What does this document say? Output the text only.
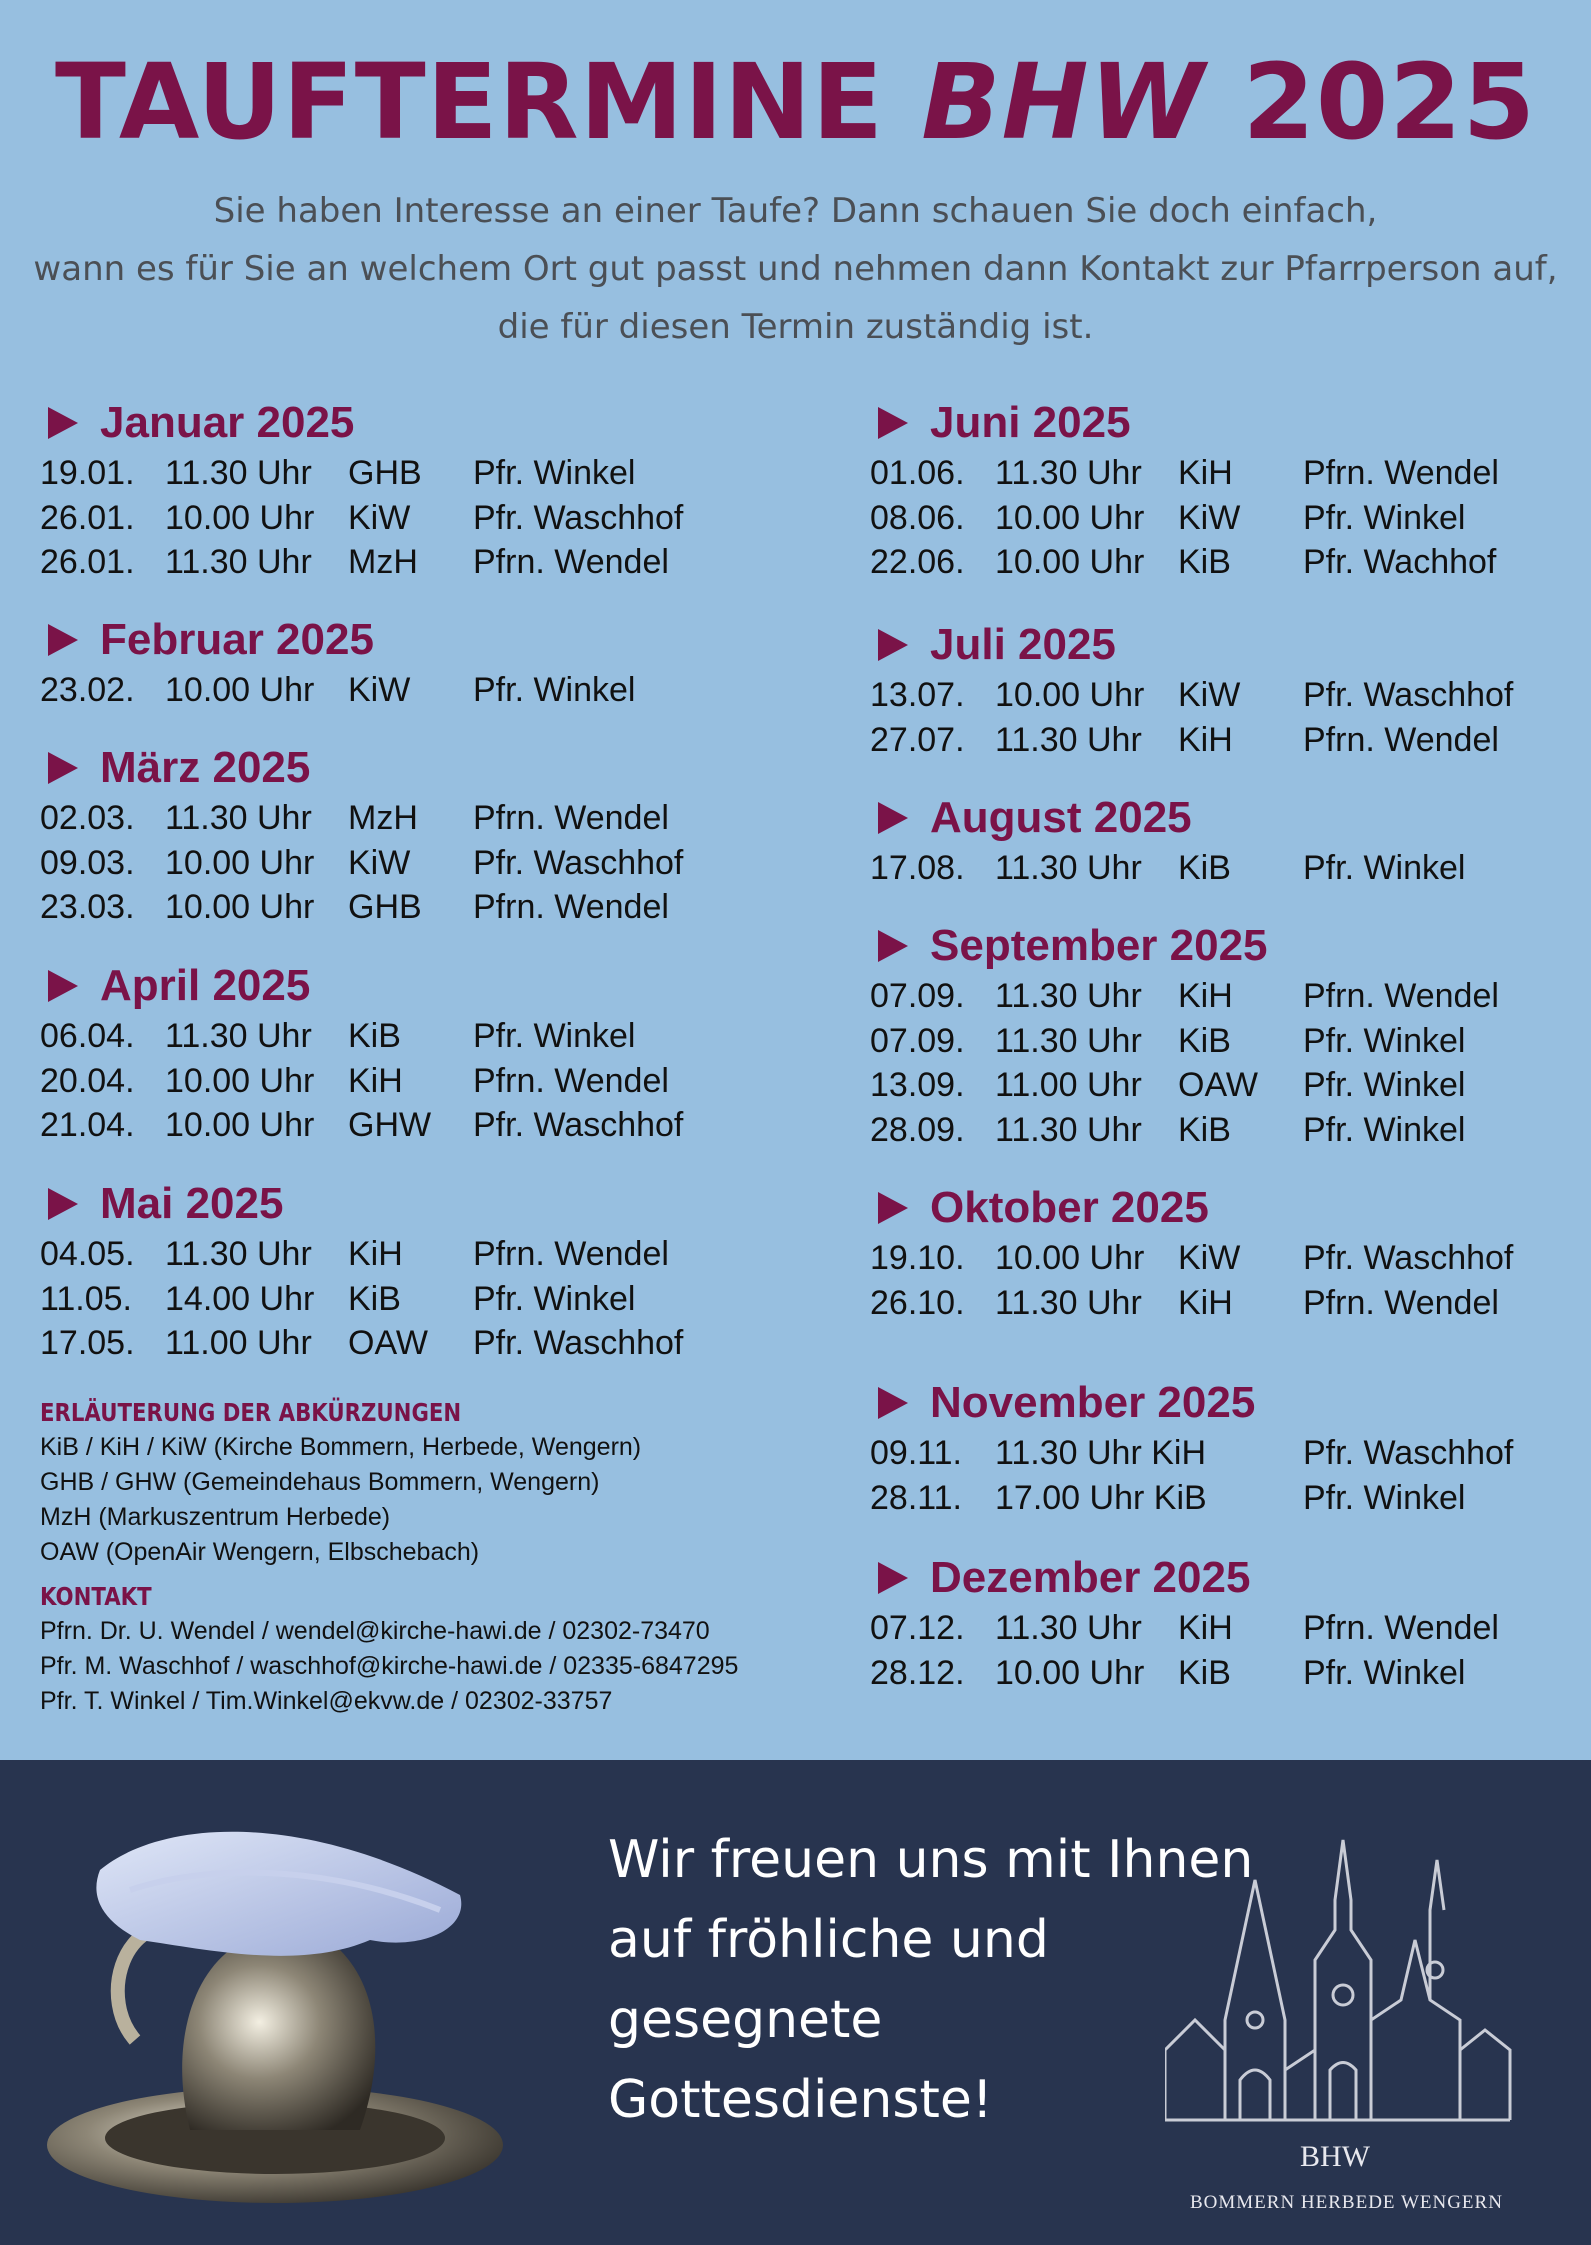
TAUFTERMINE BHW 2025
Sie haben Interesse an einer Taufe? Dann schauen Sie doch einfach,
wann es für Sie an welchem Ort gut passt und nehmen dann Kontakt zur Pfarrperson auf,
die für diesen Termin zuständig ist.
Januar 2025
19.01. 11.30 Uhr	GHB	Pfr. Winkel
26.01. 10.00 Uhr KiW	Pfr. Waschhof
26.01. 11.30 Uhr	MzH	Pfrn. Wendel
Februar 2025
23.02. 10.00 Uhr KiW	Pfr. Winkel
März 2025
02.03. 11.30 Uhr	MzH	Pfrn. Wendel
09.03. 10.00 Uhr KiW	Pfr. Waschhof
23.03. 10.00 Uhr GHB	Pfrn. Wendel
April 2025
06.04. 11.30 Uhr	KiB	Pfr. Winkel
20.04. 10.00 Uhr KiH	Pfrn. Wendel
21.04. 10.00 Uhr GHW	Pfr. Waschhof
Mai 2025
04.05. 11.30 Uhr	KiH	Pfrn. Wendel
11.05. 14.00 Uhr KiB	Pfr. Winkel
17.05. 11.00 Uhr	OAW	Pfr. Waschhof
Juni 2025
01.06. 11.30 Uhr	KiH	Pfrn. Wendel
08.06. 10.00 Uhr KiW	Pfr. Winkel
22.06. 10.00 Uhr KiB	Pfr. Wachhof
Juli 2025
13.07. 10.00 Uhr KiW	Pfr. Waschhof
27.07. 11.30 Uhr	KiH	Pfrn. Wendel
August 2025
17.08. 11.30 Uhr	KiB	Pfr. Winkel
September 2025
07.09. 11.30 Uhr	KiH	Pfrn. Wendel
07.09. 11.30 Uhr	KiB	Pfr. Winkel
13.09. 11.00 Uhr	OAW	Pfr. Winkel
28.09. 11.30 Uhr	KiB	Pfr. Winkel
Oktober 2025
19.10. 10.00 Uhr KiW	Pfr. Waschhof
26.10. 11.30 Uhr	KiH	Pfrn. Wendel
November 2025
09.11. 11.30 Uhr KiH	Pfr. Waschhof
28.11. 17.00 Uhr KiB	Pfr. Winkel
Dezember 2025
07.12. 11.30 Uhr	KiH	Pfrn. Wendel
28.12. 10.00 Uhr KiB	Pfr. Winkel
ERLÄUTERUNG DER ABKÜRZUNGEN
KiB / KiH / KiW (Kirche Bommern, Herbede, Wengern)
GHB / GHW (Gemeindehaus Bommern, Wengern)
MzH (Markuszentrum Herbede)
OAW (OpenAir Wengern, Elbschebach)
KONTAKT
Pfrn. Dr. U. Wendel / wendel@kirche-hawi.de / 02302-73470
Pfr. M. Waschhof / waschhof@kirche-hawi.de / 02335-6847295
Pfr. T. Winkel / Tim.Winkel@ekvw.de / 02302-33757
Wir freuen uns mit Ihnen
auf fröhliche und
gesegnete
Gottesdienste!
BHW
BOMMERN HERBEDE WENGERN
